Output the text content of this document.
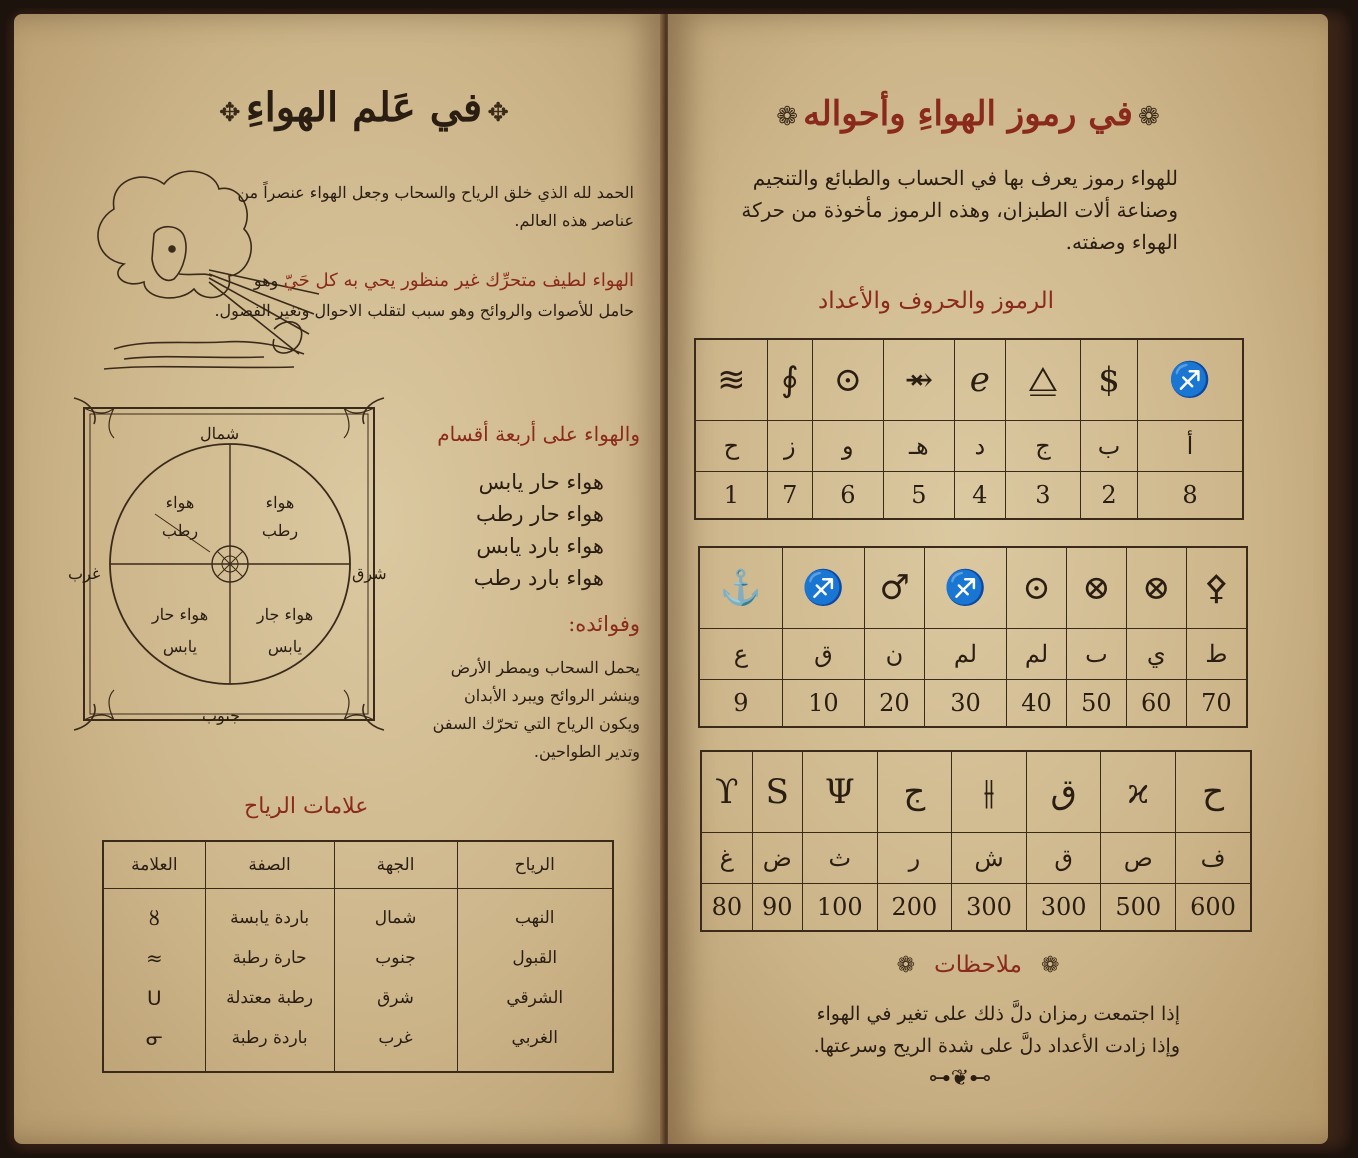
✥ في عَلم الهواءِ ✥
الحمد لله الذي خلق الرياح والسحاب وجعل الهواء عنصراً من عناصر هذه العالم.
الهواء لطيف متحرِّك غير منظور يحي به كل حَيّ وهو حامل للأصوات والروائح وهو سبب لتقلب الاحوال وتغير الفصول.
شمال
جنوب
شرق
غرب
هواء
رطب
هواء
رطب
هواء جار
يابس
هواء حار
يابس
والهواء على أربعة أقسام
هواء حار يابس
هواء حار رطب
هواء بارد يابس
هواء بارد رطب
وفوائده:
يحمل السحاب ويمطر الأرض
وينشر الروائح ويبرد الأبدان
ويكون الرياح التي تحرّك السفن
وتدير الطواحين.
علامات الرياح
الرياح	الجهة	الصفة	العلامة
النهب	شمال	باردة يابسة	ȣ
القبول	جنوب	حارة رطبة	≈
الشرقي	شرق	رطبة معتدلة	ᑌ
الغربي	غرب	باردة رطبة	ᓂ
❁ في رموز الهواءِ وأحواله ❁
للهواء رموز يعرف بها في الحساب والطبائع والتنجيم وصناعة ألات الطبزان، وهذه الرموز مأخوذة من حركة الهواء وصفته.
الرموز والحروف والأعداد
♐	$	⧋	ℯ	⥇	⊙	∮	≋
أ	ب	ج	د	هـ	و	ز	ح
8	2	3	4	5	6	7	1
⚴	⊗	⊗	⊙	♐	♂	♐	⚓
ط	ي	ٮ	لم	لم	ن	ق	ع
70	60	50	40	30	20	10	9
ح	ϰ	ق	⫲	ج	Ψ	S	ϒ
ف	ص	ق	ش	ر	ث	ض	غ
600	500	300	300	200	100	90	80
❁ ملاحظات ❁
إذا اجتمعت رمزان دلَّ ذلك على تغير في الهواء
وإذا زادت الأعداد دلَّ على شدة الريح وسرعتها.
⊶❦⊷
